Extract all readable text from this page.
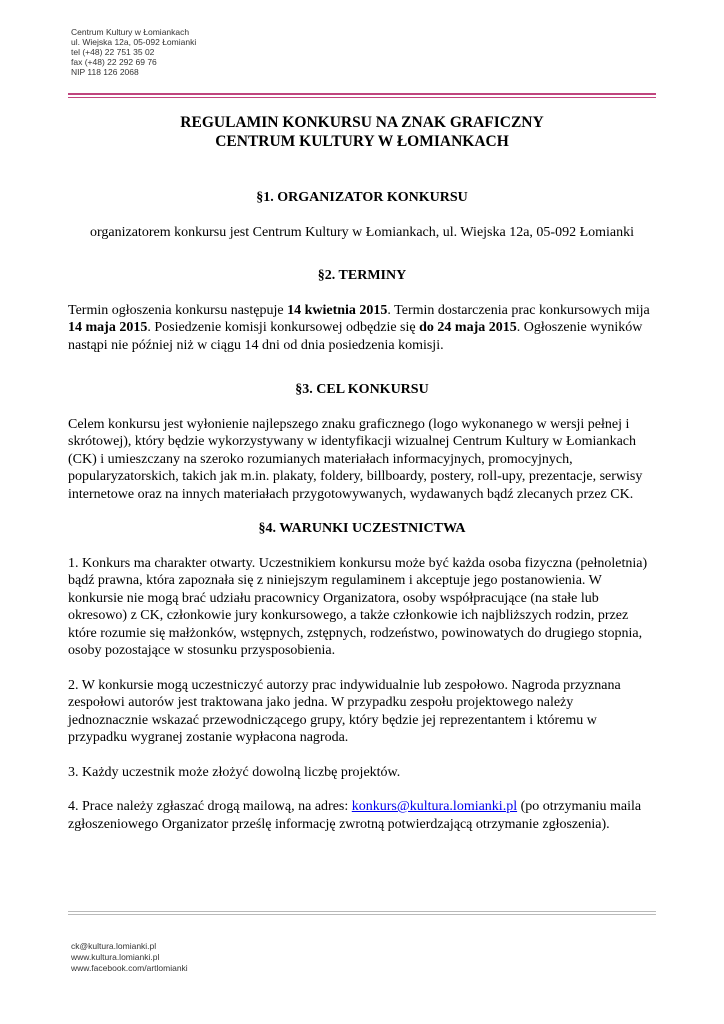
Centrum Kultury w Łomiankach
ul. Wiejska 12a, 05-092 Łomianki
tel (+48) 22 751 35 02
fax (+48) 22 292 69 76
NIP 118 126 2068
REGULAMIN KONKURSU NA ZNAK GRAFICZNY
CENTRUM KULTURY W ŁOMIANKACH
§1. ORGANIZATOR KONKURSU

organizatorem konkursu jest Centrum Kultury w Łomiankach, ul. Wiejska 12a, 05-092 Łomianki

§2. TERMINY

Termin ogłoszenia konkursu następuje 14 kwietnia 2015. Termin dostarczenia prac konkursowych mija 14 maja 2015. Posiedzenie komisji konkursowej odbędzie się do 24 maja 2015. Ogłoszenie wyników nastąpi nie później niż w ciągu 14 dni od dnia posiedzenia komisji.

§3. CEL KONKURSU

Celem konkursu jest wyłonienie najlepszego znaku graficznego (logo wykonanego w wersji pełnej i skrótowej), który będzie wykorzystywany w identyfikacji wizualnej Centrum Kultury w Łomiankach (CK) i umieszczany na szeroko rozumianych materiałach informacyjnych, promocyjnych, popularyzatorskich, takich jak m.in. plakaty, foldery, billboardy, postery, roll-upy, prezentacje, serwisy internetowe oraz na innych materiałach przygotowywanych, wydawanych bądź zlecanych przez CK.

§4. WARUNKI UCZESTNICTWA

1. Konkurs ma charakter otwarty. Uczestnikiem konkursu może być każda osoba fizyczna (pełnoletnia) bądź prawna, która zapoznała się z niniejszym regulaminem i akceptuje jego postanowienia. W konkursie nie mogą brać udziału pracownicy Organizatora, osoby współpracujące (na stałe lub okresowo) z CK, członkowie jury konkursowego, a także członkowie ich najbliższych rodzin, przez które rozumie się małżonków, wstępnych, zstępnych, rodzeństwo, powinowatych do drugiego stopnia, osoby pozostające w stosunku przysposobienia.

2. W konkursie mogą uczestniczyć autorzy prac indywidualnie lub zespołowo. Nagroda przyznana zespołowi autorów jest traktowana jako jedna. W przypadku zespołu projektowego należy jednoznacznie wskazać przewodniczącego grupy, który będzie jej reprezentantem i któremu w przypadku wygranej zostanie wypłacona nagroda.

3. Każdy uczestnik może złożyć dowolną liczbę projektów.

4. Prace należy zgłaszać drogą mailową, na adres: konkurs@kultura.lomianki.pl (po otrzymaniu maila zgłoszeniowego Organizator prześlę informację zwrotną potwierdzającą otrzymanie zgłoszenia).

ck@kultura.lomianki.pl
www.kultura.lomianki.pl
www.facebook.com/artlomianki
